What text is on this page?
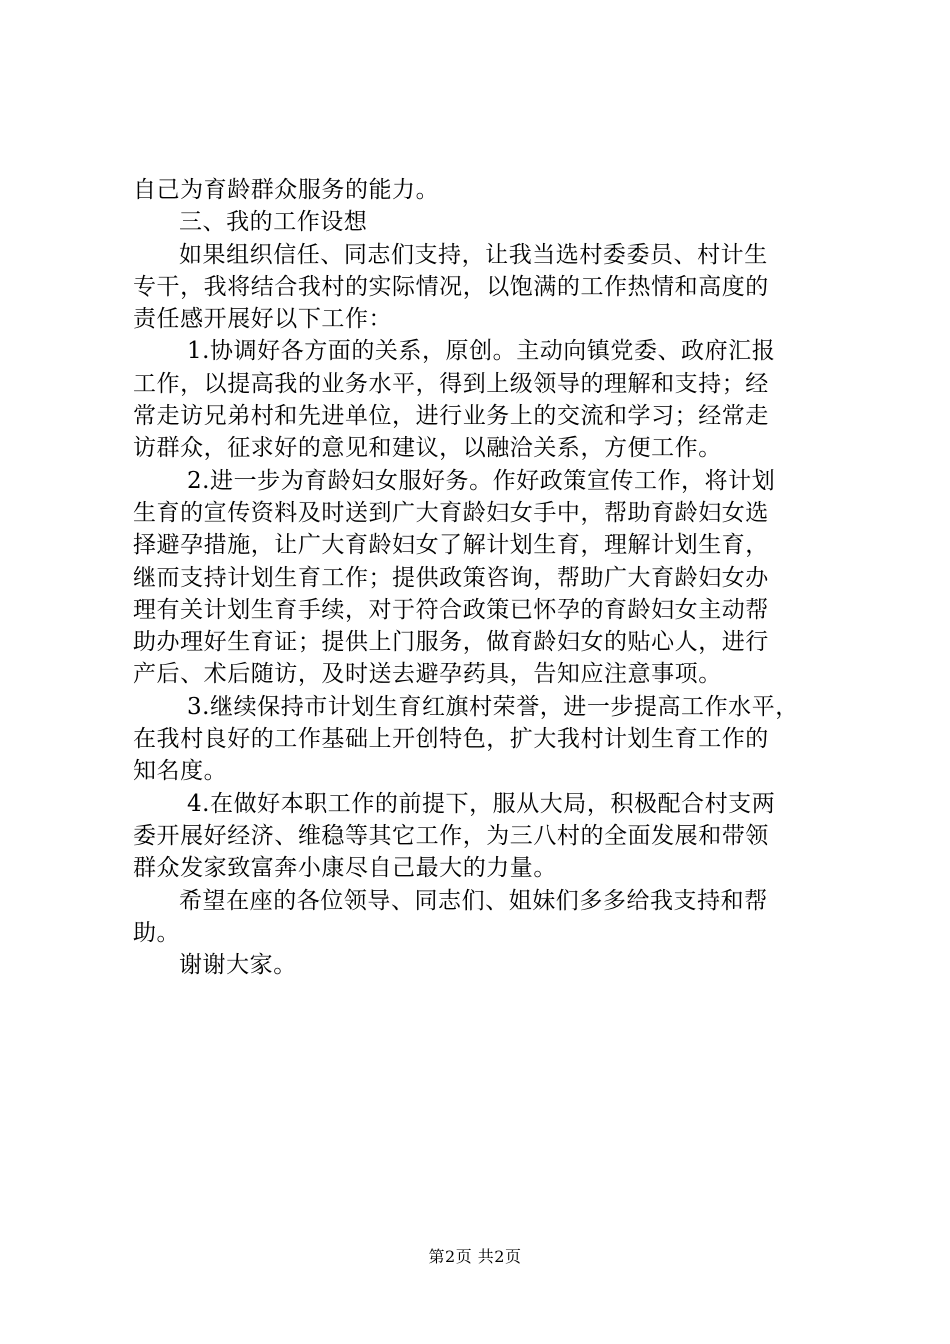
自己为育龄群众服务的能力。
三、我的工作设想
如果组织信任、同志们支持，让我当选村委委员、村计生
专干，我将结合我村的实际情况，以饱满的工作热情和高度的
责任感开展好以下工作：
1.协调好各方面的关系，原创。主动向镇党委、政府汇报
工作，以提高我的业务水平，得到上级领导的理解和支持；经
常走访兄弟村和先进单位，进行业务上的交流和学习；经常走
访群众，征求好的意见和建议，以融洽关系，方便工作。
2.进一步为育龄妇女服好务。作好政策宣传工作，将计划
生育的宣传资料及时送到广大育龄妇女手中，帮助育龄妇女选
择避孕措施，让广大育龄妇女了解计划生育，理解计划生育，
继而支持计划生育工作；提供政策咨询，帮助广大育龄妇女办
理有关计划生育手续，对于符合政策已怀孕的育龄妇女主动帮
助办理好生育证；提供上门服务，做育龄妇女的贴心人，进行
产后、术后随访，及时送去避孕药具，告知应注意事项。
3.继续保持市计划生育红旗村荣誉，进一步提高工作水平，
在我村良好的工作基础上开创特色，扩大我村计划生育工作的
知名度。
4.在做好本职工作的前提下，服从大局，积极配合村支两
委开展好经济、维稳等其它工作，为三八村的全面发展和带领
群众发家致富奔小康尽自己最大的力量。
希望在座的各位领导、同志们、姐妹们多多给我支持和帮
助。
谢谢大家。
第2页 共2页
